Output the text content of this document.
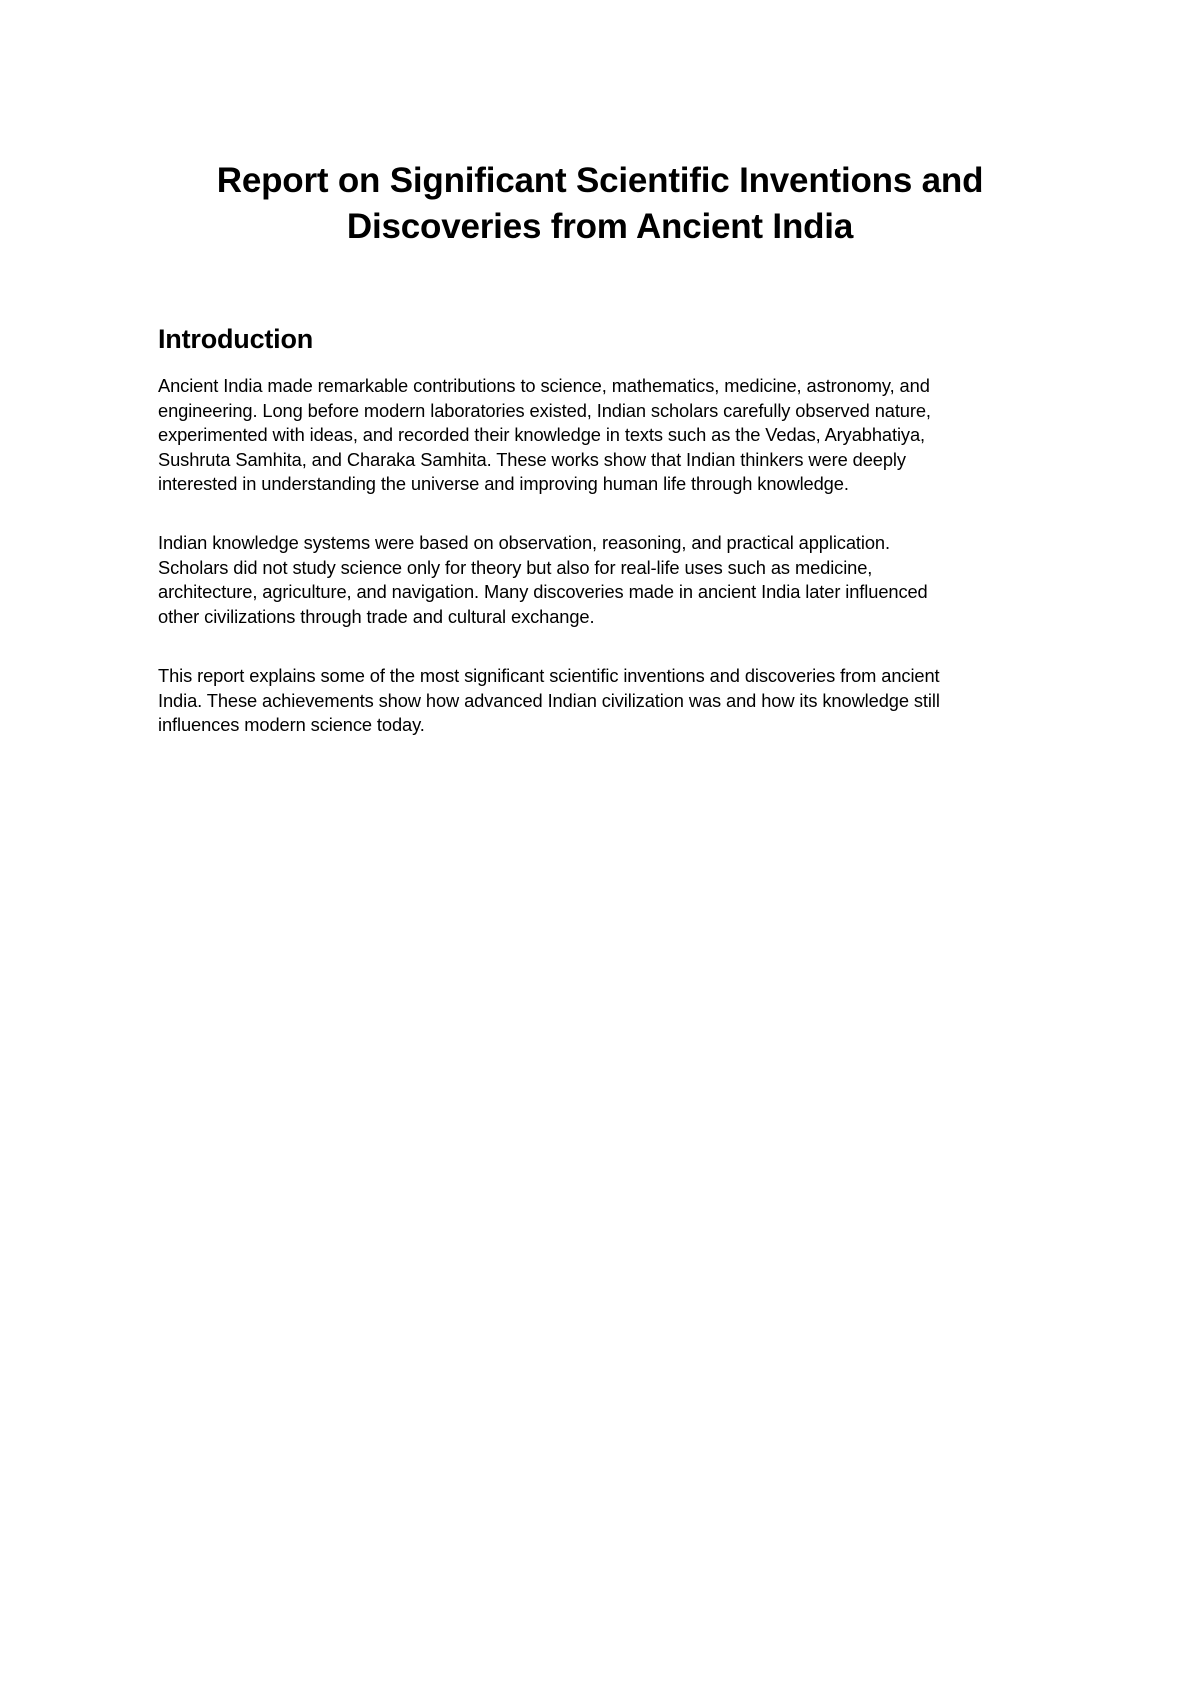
Report on Significant Scientific Inventions and Discoveries from Ancient India
Introduction

Ancient India made remarkable contributions to science, mathematics, medicine, astronomy, and
engineering. Long before modern laboratories existed, Indian scholars carefully observed nature,
experimented with ideas, and recorded their knowledge in texts such as the Vedas, Aryabhatiya,
Sushruta Samhita, and Charaka Samhita. These works show that Indian thinkers were deeply
interested in understanding the universe and improving human life through knowledge.

Indian knowledge systems were based on observation, reasoning, and practical application.
Scholars did not study science only for theory but also for real-life uses such as medicine,
architecture, agriculture, and navigation. Many discoveries made in ancient India later influenced
other civilizations through trade and cultural exchange.

This report explains some of the most significant scientific inventions and discoveries from ancient
India. These achievements show how advanced Indian civilization was and how its knowledge still
influences modern science today.
